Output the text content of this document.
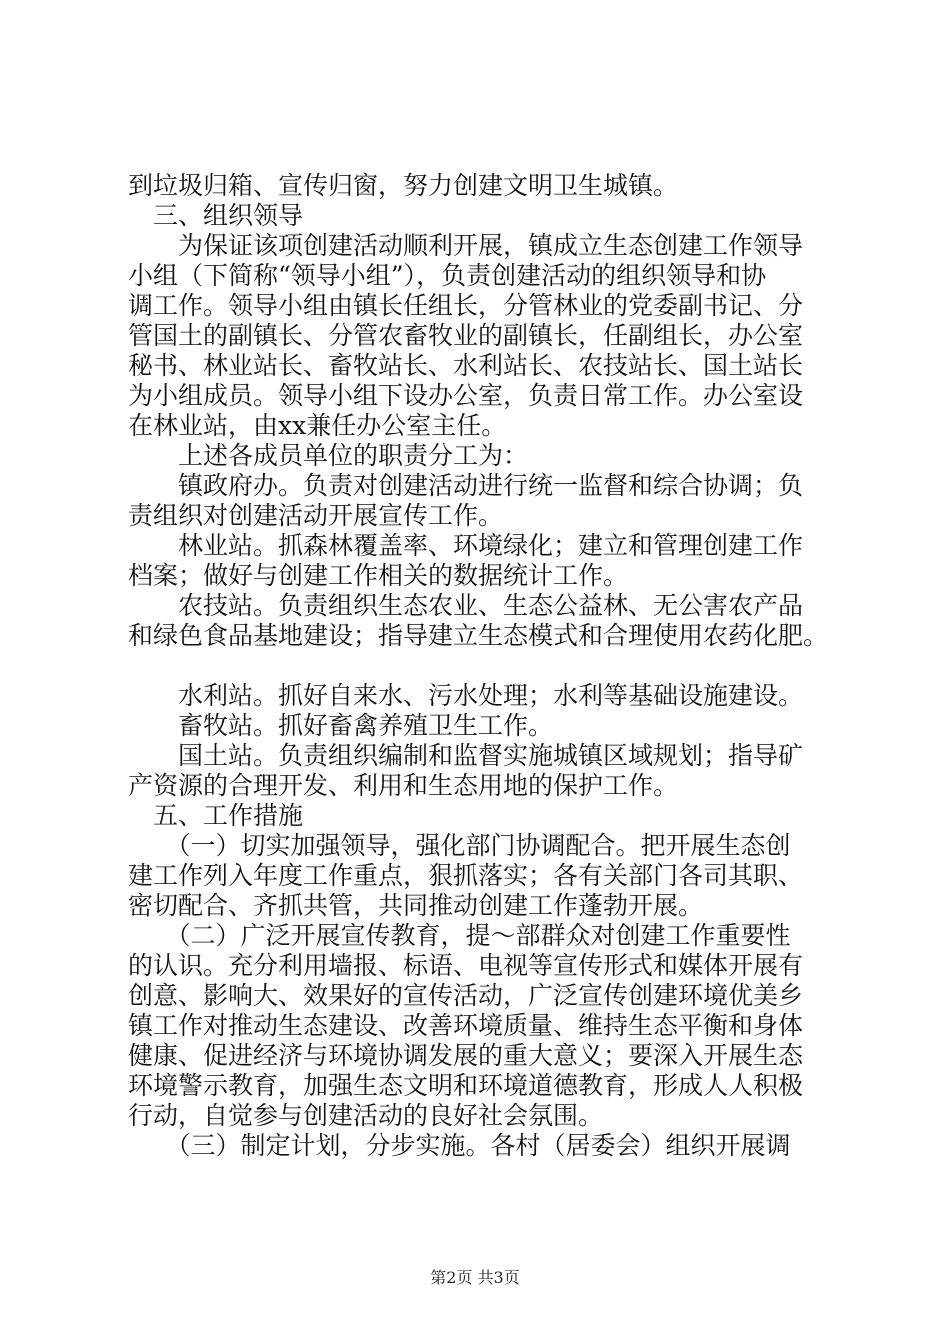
到垃圾归箱、宣传归窗，努力创建文明卫生城镇。
　三、组织领导
　　为保证该项创建活动顺利开展，镇成立生态创建工作领导
小组（下简称“领导小组”），负责创建活动的组织领导和协
调工作。领导小组由镇长任组长，分管林业的党委副书记、分
管国土的副镇长、分管农畜牧业的副镇长，任副组长，办公室
秘书、林业站长、畜牧站长、水利站长、农技站长、国土站长
为小组成员。领导小组下设办公室，负责日常工作。办公室设
在林业站，由xx兼任办公室主任。
　　上述各成员单位的职责分工为：
　　镇政府办。负责对创建活动进行统一监督和综合协调；负
责组织对创建活动开展宣传工作。
　　林业站。抓森林覆盖率、环境绿化；建立和管理创建工作
档案；做好与创建工作相关的数据统计工作。
　　农技站。负责组织生态农业、生态公益林、无公害农产品
和绿色食品基地建设；指导建立生态模式和合理使用农药化肥。
　　水利站。抓好自来水、污水处理；水利等基础设施建设。
　　畜牧站。抓好畜禽养殖卫生工作。
　　国土站。负责组织编制和监督实施城镇区域规划；指导矿
产资源的合理开发、利用和生态用地的保护工作。
　五、工作措施
　　（一）切实加强领导，强化部门协调配合。把开展生态创
建工作列入年度工作重点，狠抓落实；各有关部门各司其职、
密切配合、齐抓共管，共同推动创建工作蓬勃开展。
　　（二）广泛开展宣传教育，提～部群众对创建工作重要性
的认识。充分利用墙报、标语、电视等宣传形式和媒体开展有
创意、影响大、效果好的宣传活动，广泛宣传创建环境优美乡
镇工作对推动生态建设、改善环境质量、维持生态平衡和身体
健康、促进经济与环境协调发展的重大意义；要深入开展生态
环境警示教育，加强生态文明和环境道德教育，形成人人积极
行动，自觉参与创建活动的良好社会氛围。
　　（三）制定计划，分步实施。各村（居委会）组织开展调
第2页 共3页
